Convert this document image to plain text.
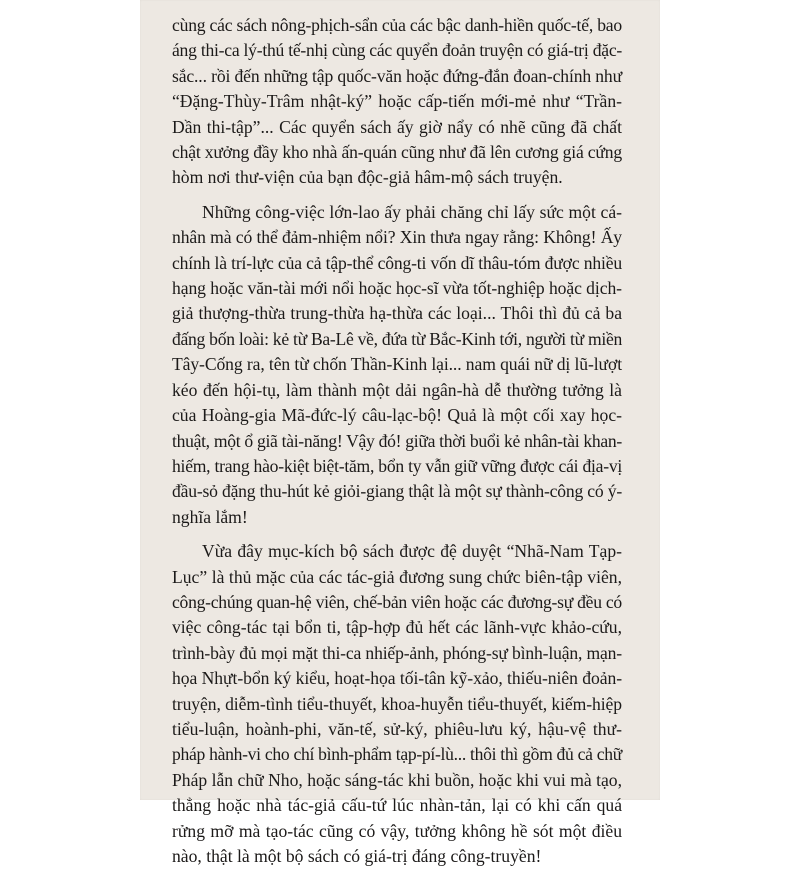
cùng các sách nông-phịch-sẩn của các bậc danh-hiền quốc-tế, bao
áng thi-ca lý-thú tế-nhị cùng các quyển đoản truyện có giá-trị đặc-
sắc... rồi đến những tập quốc-văn hoặc đứng-đắn đoan-chính như
“Đặng-Thùy-Trâm nhật-ký” hoặc cấp-tiến mới-mẻ như “Trần-
Dần thi-tập”... Các quyển sách ấy giờ nẩy có nhẽ cũng đã chất
chật xưởng đầy kho nhà ấn-quán cũng như đã lên cương giá cứng
hòm nơi thư-viện của bạn độc-giả hâm-mộ sách truyện.

Những công-việc lớn-lao ấy phải chăng chỉ lấy sức một cá-
nhân mà có thể đảm-nhiệm nổi? Xin thưa ngay rằng: Không! Ấy
chính là trí-lực của cả tập-thể công-ti vốn dĩ thâu-tóm được nhiều
hạng hoặc văn-tài mới nổi hoặc học-sĩ vừa tốt-nghiệp hoặc dịch-
giả thượng-thừa trung-thừa hạ-thừa các loại... Thôi thì đủ cả ba
đấng bốn loài: kẻ từ Ba-Lê về, đứa từ Bắc-Kinh tới, người từ miền
Tây-Cống ra, tên từ chốn Thần-Kinh lại... nam quái nữ dị lũ-lượt
kéo đến hội-tụ, làm thành một dải ngân-hà dễ thường tưởng là
của Hoàng-gia Mã-đức-lý câu-lạc-bộ! Quả là một cối xay học-
thuật, một ổ giã tài-năng! Vậy đó! giữa thời buổi kẻ nhân-tài khan-
hiếm, trang hào-kiệt biệt-tăm, bổn ty vẫn giữ vững được cái địa-vị
đầu-sỏ đặng thu-hút kẻ giỏi-giang thật là một sự thành-công có ý-
nghĩa lắm!

Vừa đây mục-kích bộ sách được đệ duyệt “Nhã-Nam Tạp-
Lục” là thủ mặc của các tác-giả đương sung chức biên-tập viên,
công-chúng quan-hệ viên, chế-bản viên hoặc các đương-sự đều có
việc công-tác tại bổn ti, tập-hợp đủ hết các lãnh-vực khảo-cứu,
trình-bày đủ mọi mặt thi-ca nhiếp-ảnh, phóng-sự bình-luận, mạn-
họa Nhựt-bổn ký kiểu, hoạt-họa tối-tân kỹ-xảo, thiếu-niên đoản-
truyện, diễm-tình tiểu-thuyết, khoa-huyễn tiểu-thuyết, kiếm-hiệp
tiểu-luận, hoành-phi, văn-tế, sử-ký, phiêu-lưu ký, hậu-vệ thư-
pháp hành-vi cho chí bình-phẩm tạp-pí-lù... thôi thì gồm đủ cả chữ
Pháp lẫn chữ Nho, hoặc sáng-tác khi buồn, hoặc khi vui mà tạo,
thẳng hoặc nhà tác-giả cấu-tứ lúc nhàn-tản, lại có khi cấn quá
rửng mỡ mà tạo-tác cũng có vậy, tưởng không hề sót một điều
nào, thật là một bộ sách có giá-trị đáng công-truyền!
